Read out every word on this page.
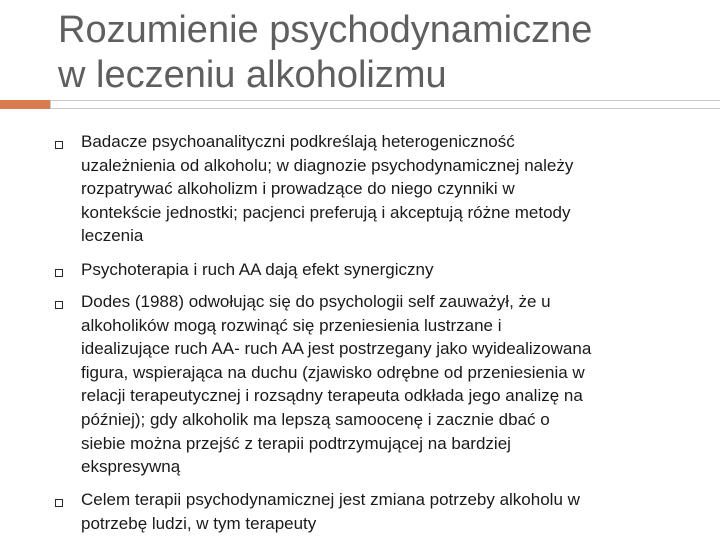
Rozumienie psychodynamiczne
w leczeniu alkoholizmu

Badacze psychoanalityczni podkreślają heterogeniczność
uzależnienia od alkoholu; w diagnozie psychodynamicznej należy
rozpatrywać alkoholizm i prowadzące do niego czynniki w
kontekście jednostki; pacjenci preferują i akceptują różne metody
leczenia

Psychoterapia i ruch AA dają efekt synergiczny

Dodes (1988) odwołując się do psychologii self zauważył, że u
alkoholików mogą rozwinąć się przeniesienia lustrzane i
idealizujące ruch AA- ruch AA jest postrzegany jako wyidealizowana
figura, wspierająca na duchu (zjawisko odrębne od przeniesienia w
relacji terapeutycznej i rozsądny terapeuta odkłada jego analizę na
później); gdy alkoholik ma lepszą samoocenę i zacznie dbać o
siebie można przejść z terapii podtrzymującej na bardziej
ekspresywną

Celem terapii psychodynamicznej jest zmiana potrzeby alkoholu w
potrzebę ludzi, w tym terapeuty
